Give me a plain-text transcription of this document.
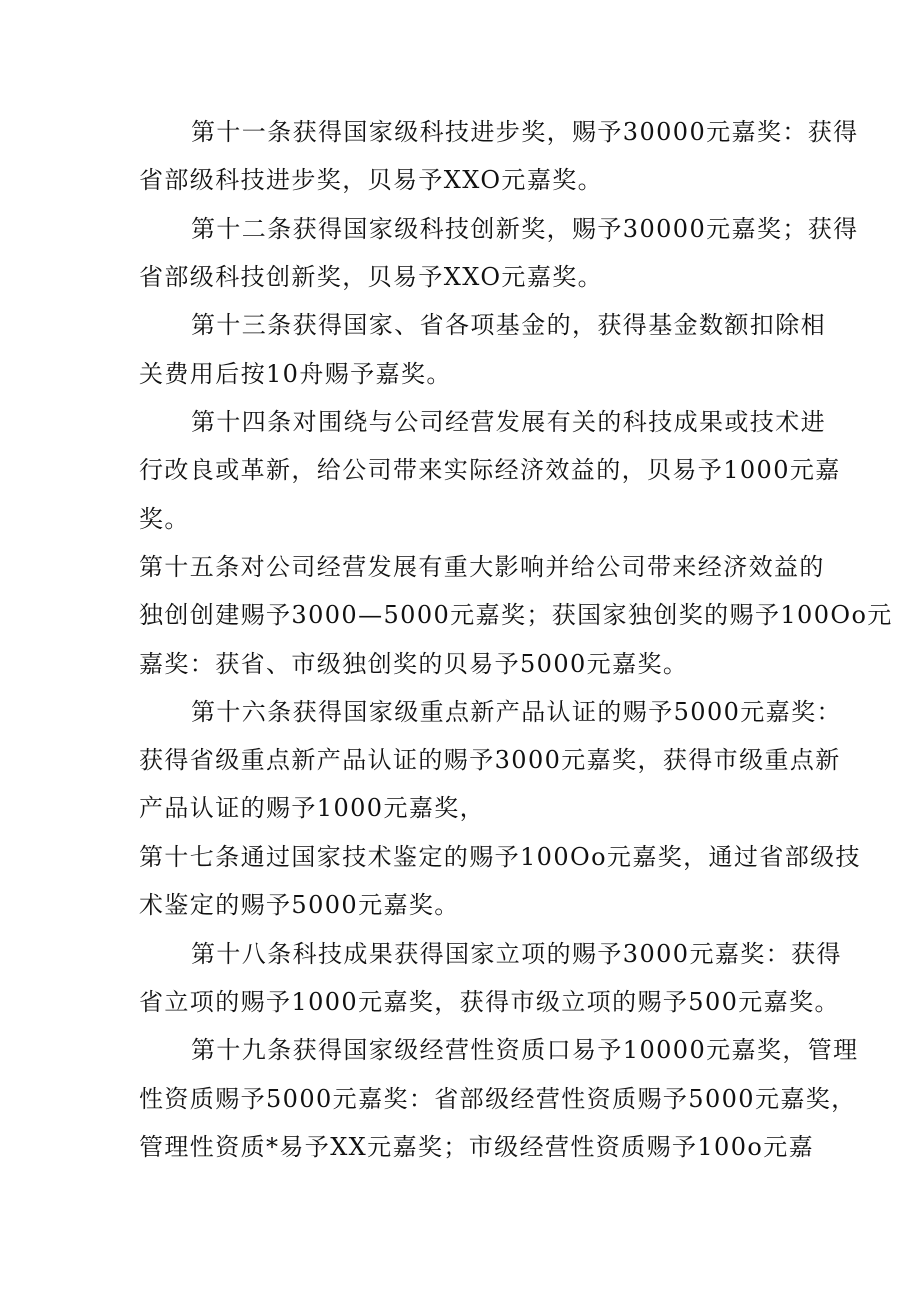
第十一条获得国家级科技进步奖，赐予30000元嘉奖：获得

省部级科技进步奖，贝易予XXO元嘉奖。

第十二条获得国家级科技创新奖，赐予30000元嘉奖；获得

省部级科技创新奖，贝易予XXO元嘉奖。

第十三条获得国家、省各项基金的，获得基金数额扣除相

关费用后按10舟赐予嘉奖。

第十四条对围绕与公司经营发展有关的科技成果或技术进

行改良或革新，给公司带来实际经济效益的，贝易予1000元嘉

奖。

第十五条对公司经营发展有重大影响并给公司带来经济效益的

独创创建赐予3000—5000元嘉奖；获国家独创奖的赐予100Oo元

嘉奖：获省、市级独创奖的贝易予5000元嘉奖。

第十六条获得国家级重点新产品认证的赐予5000元嘉奖：

获得省级重点新产品认证的赐予3000元嘉奖，获得市级重点新

产品认证的赐予1000元嘉奖，

第十七条通过国家技术鉴定的赐予100Oo元嘉奖，通过省部级技

术鉴定的赐予5000元嘉奖。

第十八条科技成果获得国家立项的赐予3000元嘉奖：获得

省立项的赐予1000元嘉奖，获得市级立项的赐予500元嘉奖。

第十九条获得国家级经营性资质口易予10000元嘉奖，管理

性资质赐予5000元嘉奖：省部级经营性资质赐予5000元嘉奖，

管理性资质*易予XX元嘉奖；市级经营性资质赐予100o元嘉
